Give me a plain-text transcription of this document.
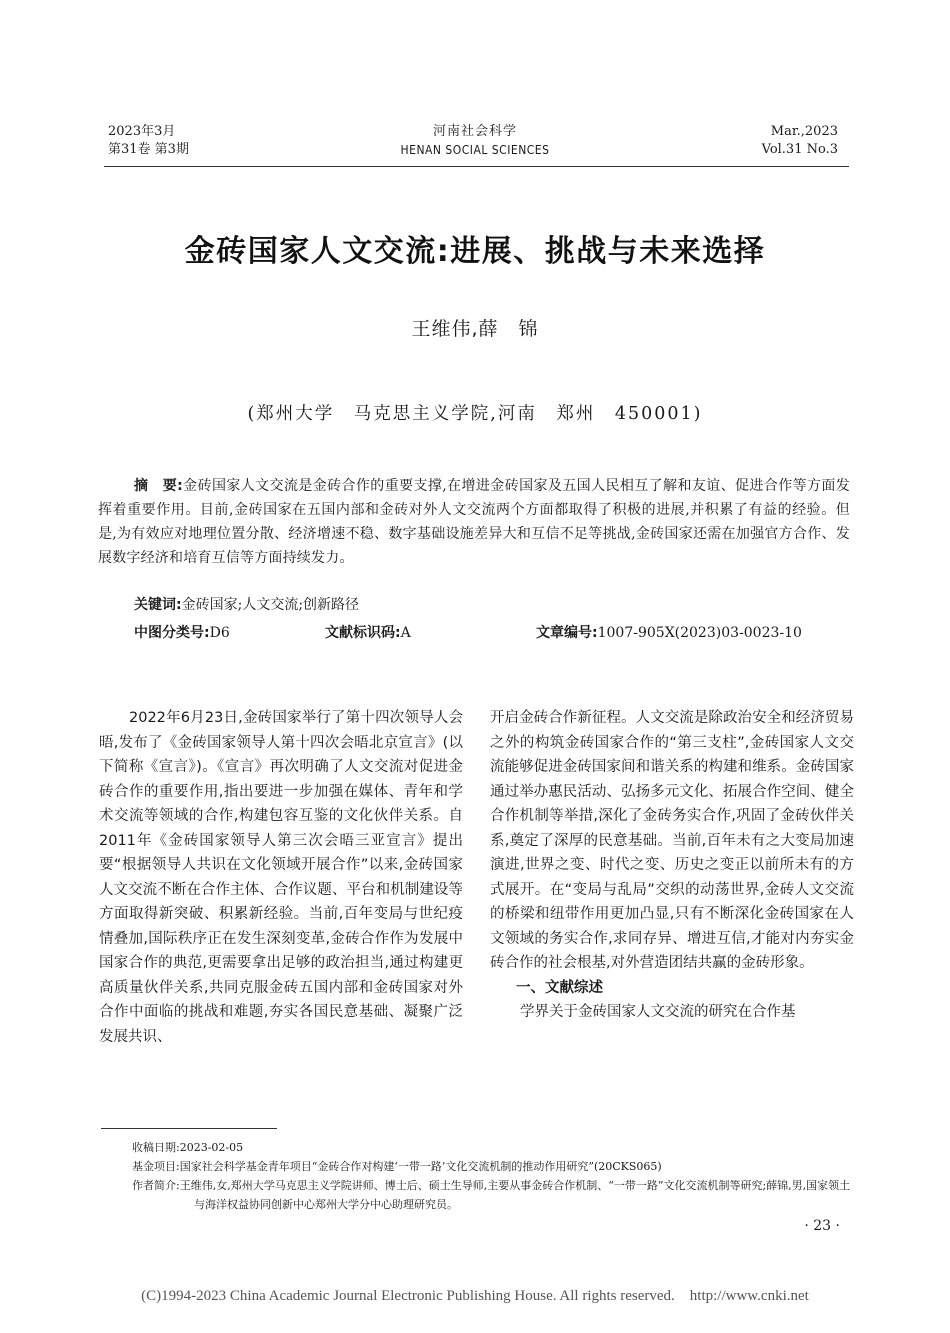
2023年3月
第31卷 第3期
河南社会科学
HENAN SOCIAL SCIENCES
Mar.,2023
Vol.31 No.3
金砖国家人文交流:进展、挑战与未来选择
王维伟,薛　锦
(郑州大学　马克思主义学院,河南　郑州　450001)
摘　要:金砖国家人文交流是金砖合作的重要支撑,在增进金砖国家及五国人民相互了解和友谊、促进合作等方面发挥着重要作用。目前,金砖国家在五国内部和金砖对外人文交流两个方面都取得了积极的进展,并积累了有益的经验。但是,为有效应对地理位置分散、经济增速不稳、数字基础设施差异大和互信不足等挑战,金砖国家还需在加强官方合作、发展数字经济和培育互信等方面持续发力。
关键词:金砖国家;人文交流;创新路径
中图分类号:D6	文献标识码:A	文章编号:1007-905X(2023)03-0023-10

2022年6月23日,金砖国家举行了第十四次领导人会晤,发布了《金砖国家领导人第十四次会晤北京宣言》(以下简称《宣言》)。《宣言》再次明确了人文交流对促进金砖合作的重要作用,指出要进一步加强在媒体、青年和学术交流等领域的合作,构建包容互鉴的文化伙伴关系。自2011年《金砖国家领导人第三次会晤三亚宣言》提出要“根据领导人共识在文化领域开展合作”以来,金砖国家人文交流不断在合作主体、合作议题、平台和机制建设等方面取得新突破、积累新经验。当前,百年变局与世纪疫情叠加,国际秩序正在发生深刻变革,金砖合作作为发展中国家合作的典范,更需要拿出足够的政治担当,通过构建更高质量伙伴关系,共同克服金砖五国内部和金砖国家对外合作中面临的挑战和难题,夯实各国民意基础、凝聚广泛发展共识、

开启金砖合作新征程。人文交流是除政治安全和经济贸易之外的构筑金砖国家合作的“第三支柱”,金砖国家人文交流能够促进金砖国家间和谐关系的构建和维系。金砖国家通过举办惠民活动、弘扬多元文化、拓展合作空间、健全合作机制等举措,深化了金砖务实合作,巩固了金砖伙伴关系,奠定了深厚的民意基础。当前,百年未有之大变局加速演进,世界之变、时代之变、历史之变正以前所未有的方式展开。在“变局与乱局”交织的动荡世界,金砖人文交流的桥梁和纽带作用更加凸显,只有不断深化金砖国家在人文领域的务实合作,求同存异、增进互信,才能对内夯实金砖合作的社会根基,对外营造团结共赢的金砖形象。

一、文献综述

学界关于金砖国家人文交流的研究在合作基

收稿日期:2023-02-05

基金项目:国家社会科学基金青年项目“金砖合作对构建‘一带一路’文化交流机制的推动作用研究”(20CKS065)

作者简介:王维伟,女,郑州大学马克思主义学院讲师、博士后、硕士生导师,主要从事金砖合作机制、“一带一路”文化交流机制等研究;薛锦,男,国家领土与海洋权益协同创新中心郑州大学分中心助理研究员。

· 23 ·
(C)1994-2023 China Academic Journal Electronic Publishing House. All rights reserved.    http://www.cnki.net
